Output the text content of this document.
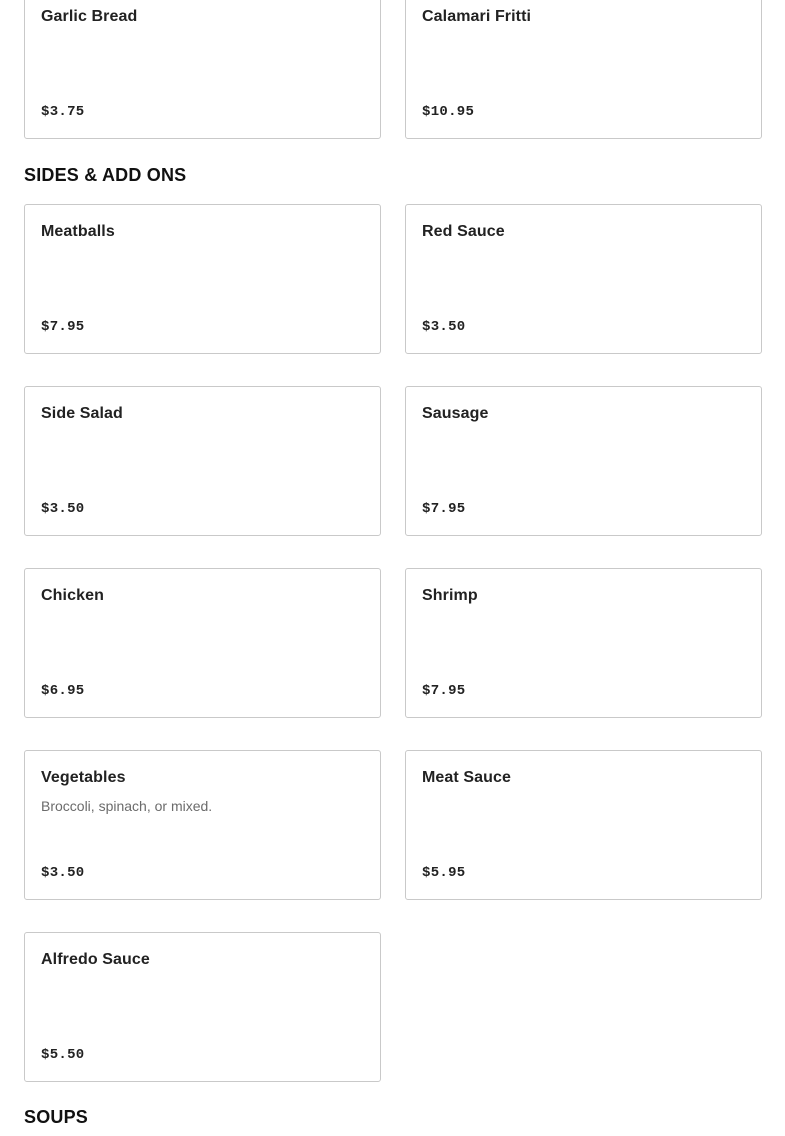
Garlic Bread
$3.75
Calamari Fritti
$10.95
SIDES & ADD ONS
Meatballs
$7.95
Red Sauce
$3.50
Side Salad
$3.50
Sausage
$7.95
Chicken
$6.95
Shrimp
$7.95
Vegetables
Broccoli, spinach, or mixed.
$3.50
Meat Sauce
$5.95
Alfredo Sauce
$5.50
SOUPS
